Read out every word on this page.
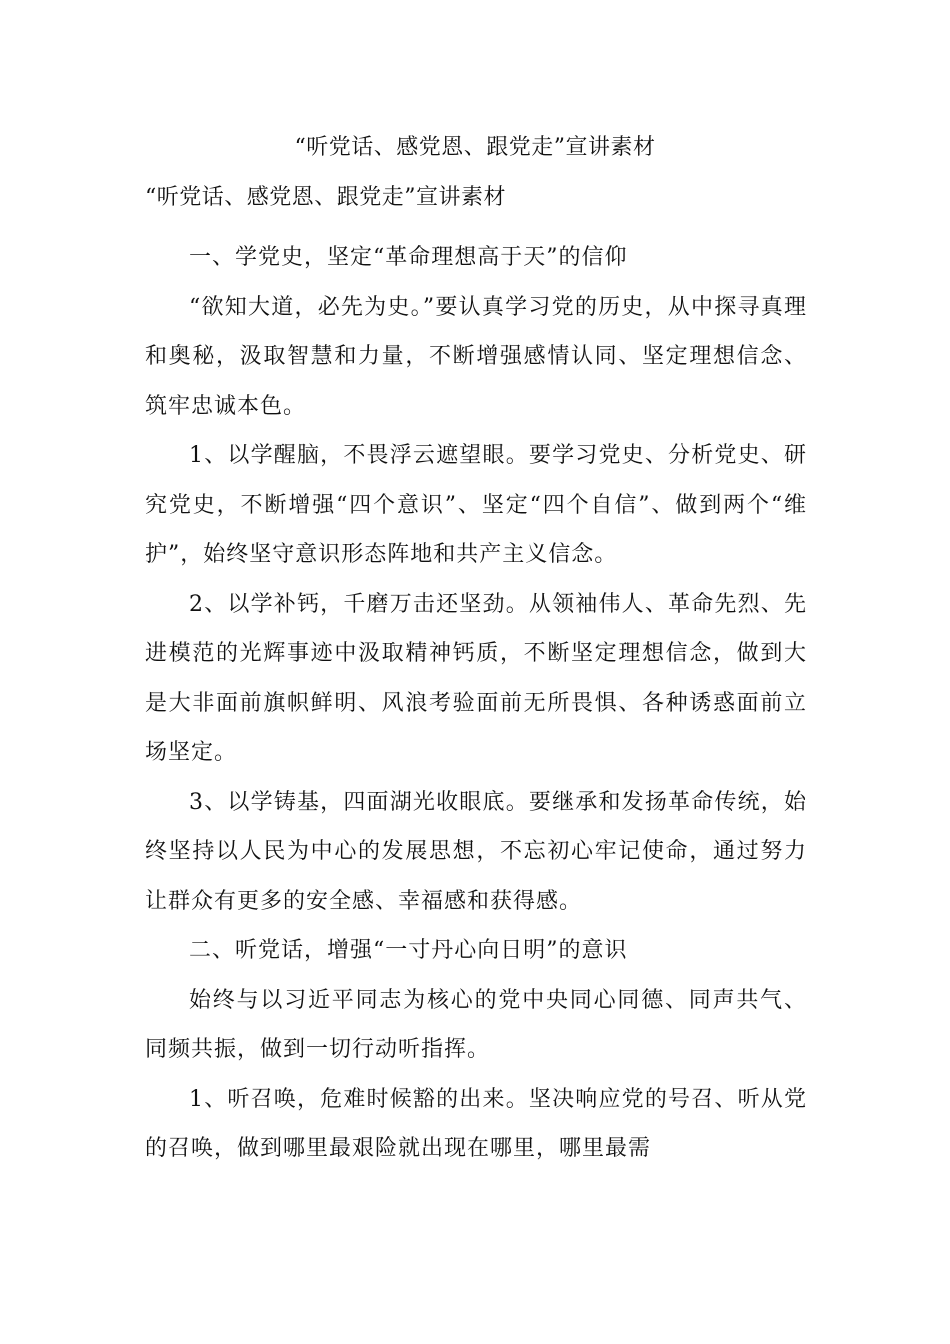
“听党话、感党恩、跟党走”宣讲素材
“听党话、感党恩、跟党走”宣讲素材

一、学党史，坚定“革命理想高于天”的信仰

“欲知大道，必先为史。”要认真学习党的历史，从中探寻真理和奥秘，汲取智慧和力量，不断增强感情认同、坚定理想信念、筑牢忠诚本色。

1、以学醒脑，不畏浮云遮望眼。要学习党史、分析党史、研究党史，不断增强“四个意识”、坚定“四个自信”、做到两个“维护”，始终坚守意识形态阵地和共产主义信念。

2、以学补钙，千磨万击还坚劲。从领袖伟人、革命先烈、先进模范的光辉事迹中汲取精神钙质，不断坚定理想信念，做到大是大非面前旗帜鲜明、风浪考验面前无所畏惧、各种诱惑面前立场坚定。

3、以学铸基，四面湖光收眼底。要继承和发扬革命传统，始终坚持以人民为中心的发展思想，不忘初心牢记使命，通过努力让群众有更多的安全感、幸福感和获得感。

二、听党话，增强“一寸丹心向日明”的意识

始终与以习近平同志为核心的党中央同心同德、同声共气、同频共振，做到一切行动听指挥。

1、听召唤，危难时候豁的出来。坚决响应党的号召、听从党的召唤，做到哪里最艰险就出现在哪里，哪里最需
